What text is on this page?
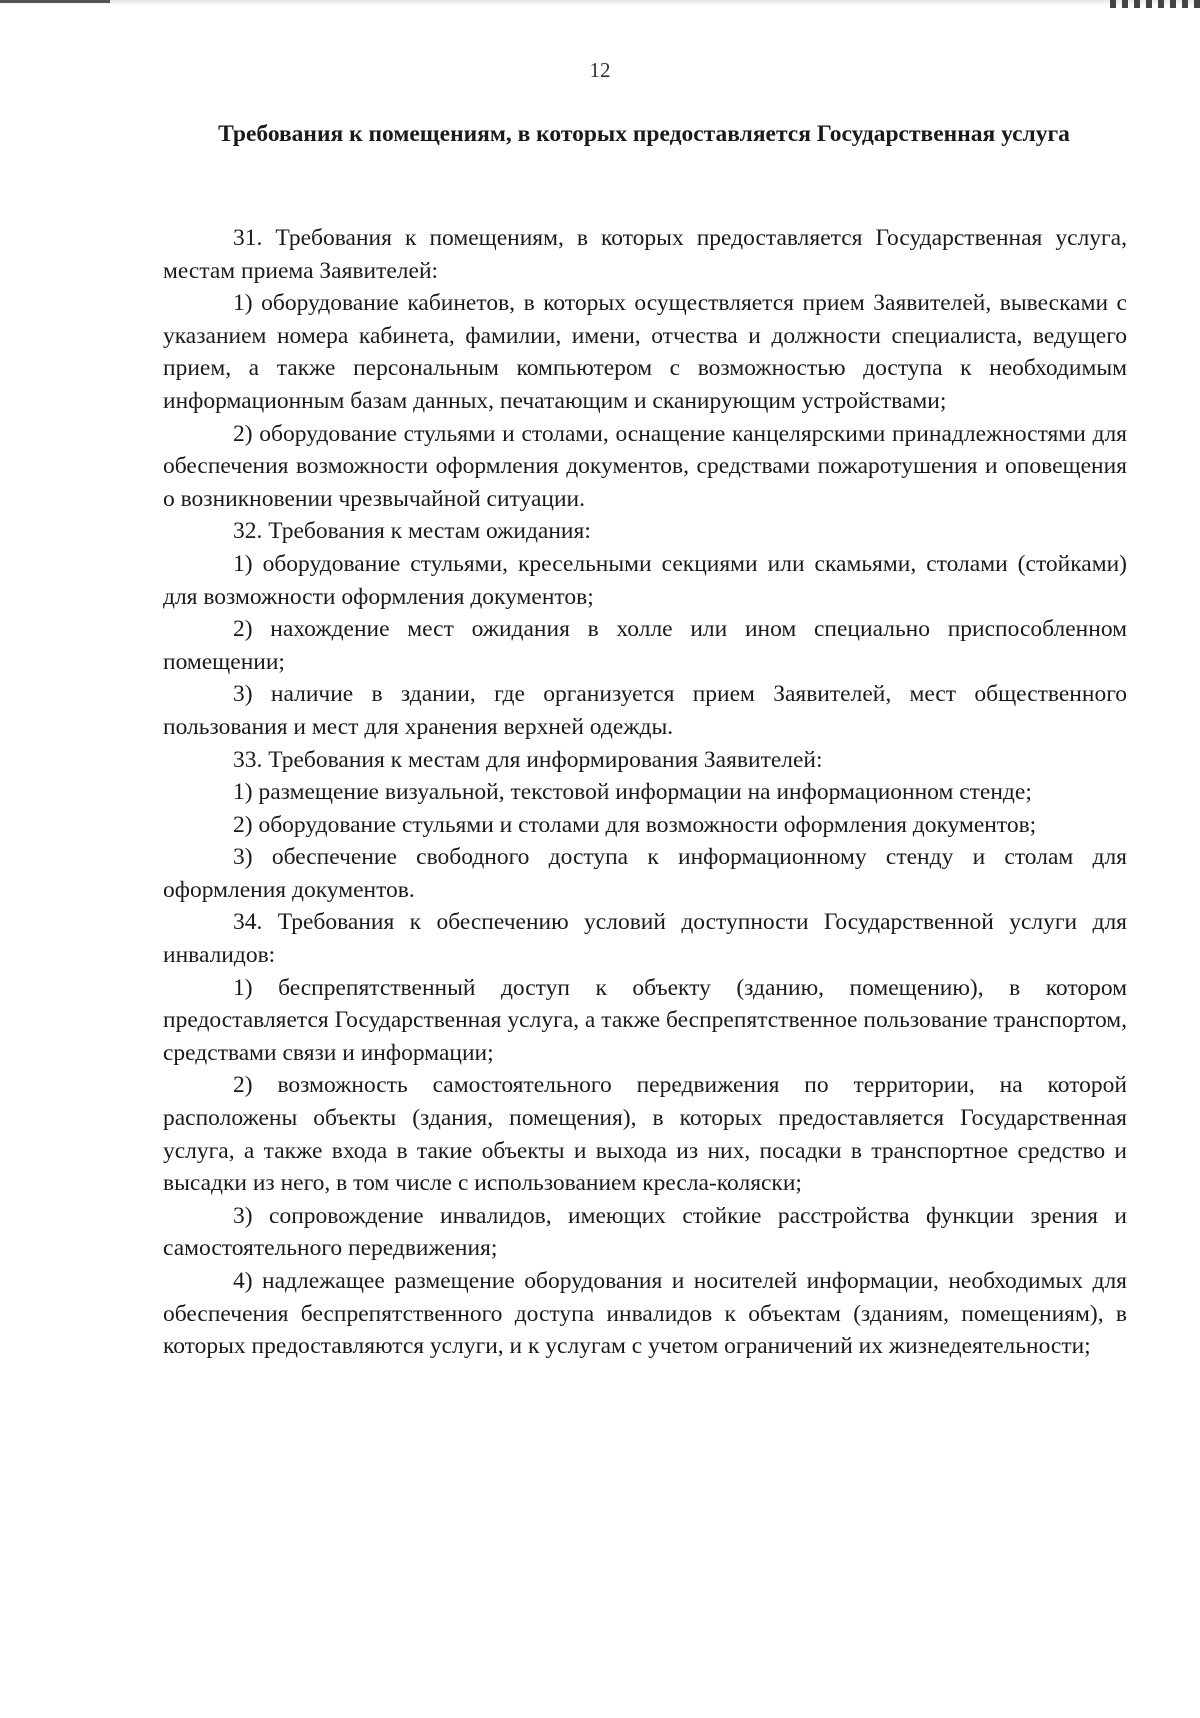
12
Требования к помещениям, в которых предоставляется Государственная услуга

31. Требования к помещениям, в которых предоставляется Государственная услуга, местам приема Заявителей:

1) оборудование кабинетов, в которых осуществляется прием Заявителей, вывесками с указанием номера кабинета, фамилии, имени, отчества и должности специалиста, ведущего прием, а также персональным компьютером с возможностью доступа к необходимым информационным базам данных, печатающим и сканирующим устройствами;

2) оборудование стульями и столами, оснащение канцелярскими принадлежностями для обеспечения возможности оформления документов, средствами пожаротушения и оповещения о возникновении чрезвычайной ситуации.

32. Требования к местам ожидания:

1) оборудование стульями, кресельными секциями или скамьями, столами (стойками) для возможности оформления документов;

2) нахождение мест ожидания в холле или ином специально приспособленном помещении;

3) наличие в здании, где организуется прием Заявителей, мест общественного пользования и мест для хранения верхней одежды.

33. Требования к местам для информирования Заявителей:

1) размещение визуальной, текстовой информации на информационном стенде;

2) оборудование стульями и столами для возможности оформления документов;

3) обеспечение свободного доступа к информационному стенду и столам для оформления документов.

34. Требования к обеспечению условий доступности Государственной услуги для инвалидов:

1) беспрепятственный доступ к объекту (зданию, помещению), в котором предоставляется Государственная услуга, а также беспрепятственное пользование транспортом, средствами связи и информации;

2) возможность самостоятельного передвижения по территории, на которой расположены объекты (здания, помещения), в которых предоставляется Государственная услуга, а также входа в такие объекты и выхода из них, посадки в транспортное средство и высадки из него, в том числе с использованием кресла-коляски;

3) сопровождение инвалидов, имеющих стойкие расстройства функции зрения и самостоятельного передвижения;

4) надлежащее размещение оборудования и носителей информации, необходимых для обеспечения беспрепятственного доступа инвалидов к объектам (зданиям, помещениям), в которых предоставляются услуги, и к услугам с учетом ограничений их жизнедеятельности;
